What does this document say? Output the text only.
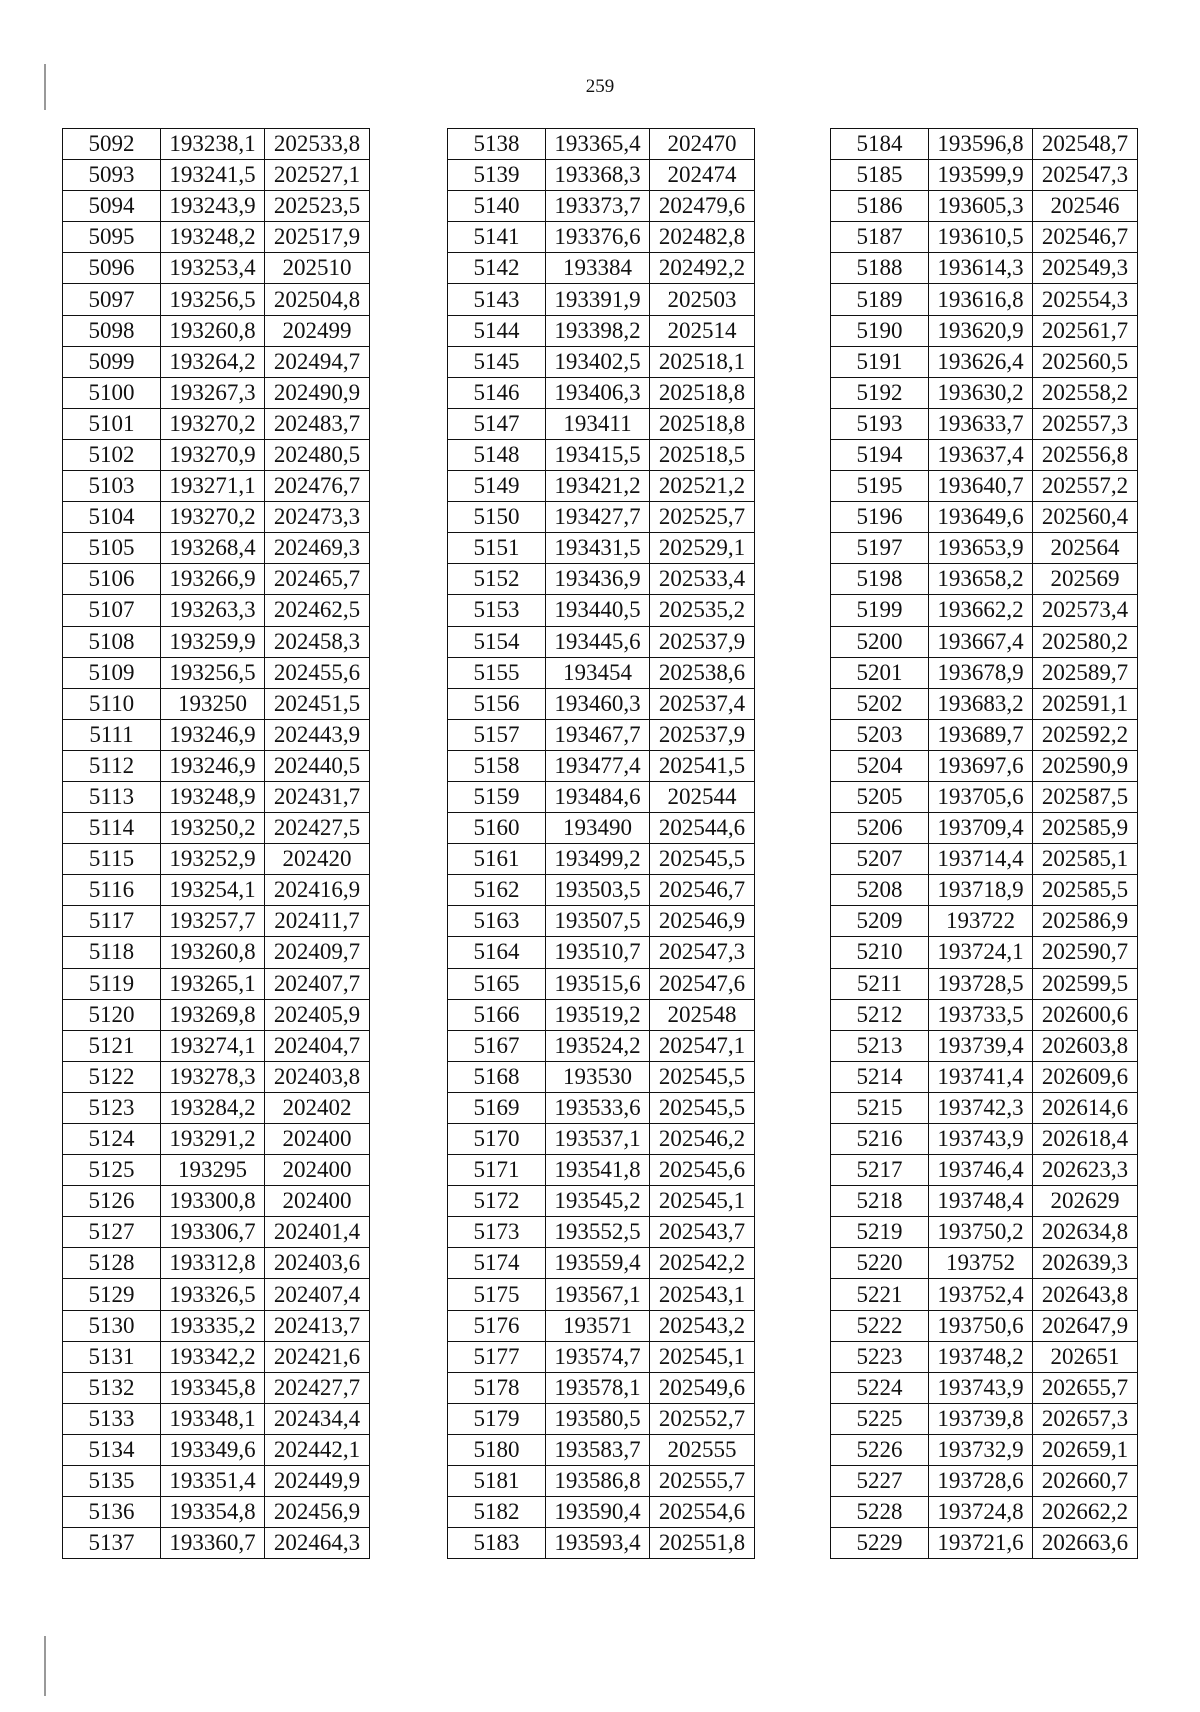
259
5092	193238,1	202533,8
5093	193241,5	202527,1
5094	193243,9	202523,5
5095	193248,2	202517,9
5096	193253,4	202510
5097	193256,5	202504,8
5098	193260,8	202499
5099	193264,2	202494,7
5100	193267,3	202490,9
5101	193270,2	202483,7
5102	193270,9	202480,5
5103	193271,1	202476,7
5104	193270,2	202473,3
5105	193268,4	202469,3
5106	193266,9	202465,7
5107	193263,3	202462,5
5108	193259,9	202458,3
5109	193256,5	202455,6
5110	193250	202451,5
5111	193246,9	202443,9
5112	193246,9	202440,5
5113	193248,9	202431,7
5114	193250,2	202427,5
5115	193252,9	202420
5116	193254,1	202416,9
5117	193257,7	202411,7
5118	193260,8	202409,7
5119	193265,1	202407,7
5120	193269,8	202405,9
5121	193274,1	202404,7
5122	193278,3	202403,8
5123	193284,2	202402
5124	193291,2	202400
5125	193295	202400
5126	193300,8	202400
5127	193306,7	202401,4
5128	193312,8	202403,6
5129	193326,5	202407,4
5130	193335,2	202413,7
5131	193342,2	202421,6
5132	193345,8	202427,7
5133	193348,1	202434,4
5134	193349,6	202442,1
5135	193351,4	202449,9
5136	193354,8	202456,9
5137	193360,7	202464,3
5138	193365,4	202470
5139	193368,3	202474
5140	193373,7	202479,6
5141	193376,6	202482,8
5142	193384	202492,2
5143	193391,9	202503
5144	193398,2	202514
5145	193402,5	202518,1
5146	193406,3	202518,8
5147	193411	202518,8
5148	193415,5	202518,5
5149	193421,2	202521,2
5150	193427,7	202525,7
5151	193431,5	202529,1
5152	193436,9	202533,4
5153	193440,5	202535,2
5154	193445,6	202537,9
5155	193454	202538,6
5156	193460,3	202537,4
5157	193467,7	202537,9
5158	193477,4	202541,5
5159	193484,6	202544
5160	193490	202544,6
5161	193499,2	202545,5
5162	193503,5	202546,7
5163	193507,5	202546,9
5164	193510,7	202547,3
5165	193515,6	202547,6
5166	193519,2	202548
5167	193524,2	202547,1
5168	193530	202545,5
5169	193533,6	202545,5
5170	193537,1	202546,2
5171	193541,8	202545,6
5172	193545,2	202545,1
5173	193552,5	202543,7
5174	193559,4	202542,2
5175	193567,1	202543,1
5176	193571	202543,2
5177	193574,7	202545,1
5178	193578,1	202549,6
5179	193580,5	202552,7
5180	193583,7	202555
5181	193586,8	202555,7
5182	193590,4	202554,6
5183	193593,4	202551,8
5184	193596,8	202548,7
5185	193599,9	202547,3
5186	193605,3	202546
5187	193610,5	202546,7
5188	193614,3	202549,3
5189	193616,8	202554,3
5190	193620,9	202561,7
5191	193626,4	202560,5
5192	193630,2	202558,2
5193	193633,7	202557,3
5194	193637,4	202556,8
5195	193640,7	202557,2
5196	193649,6	202560,4
5197	193653,9	202564
5198	193658,2	202569
5199	193662,2	202573,4
5200	193667,4	202580,2
5201	193678,9	202589,7
5202	193683,2	202591,1
5203	193689,7	202592,2
5204	193697,6	202590,9
5205	193705,6	202587,5
5206	193709,4	202585,9
5207	193714,4	202585,1
5208	193718,9	202585,5
5209	193722	202586,9
5210	193724,1	202590,7
5211	193728,5	202599,5
5212	193733,5	202600,6
5213	193739,4	202603,8
5214	193741,4	202609,6
5215	193742,3	202614,6
5216	193743,9	202618,4
5217	193746,4	202623,3
5218	193748,4	202629
5219	193750,2	202634,8
5220	193752	202639,3
5221	193752,4	202643,8
5222	193750,6	202647,9
5223	193748,2	202651
5224	193743,9	202655,7
5225	193739,8	202657,3
5226	193732,9	202659,1
5227	193728,6	202660,7
5228	193724,8	202662,2
5229	193721,6	202663,6
